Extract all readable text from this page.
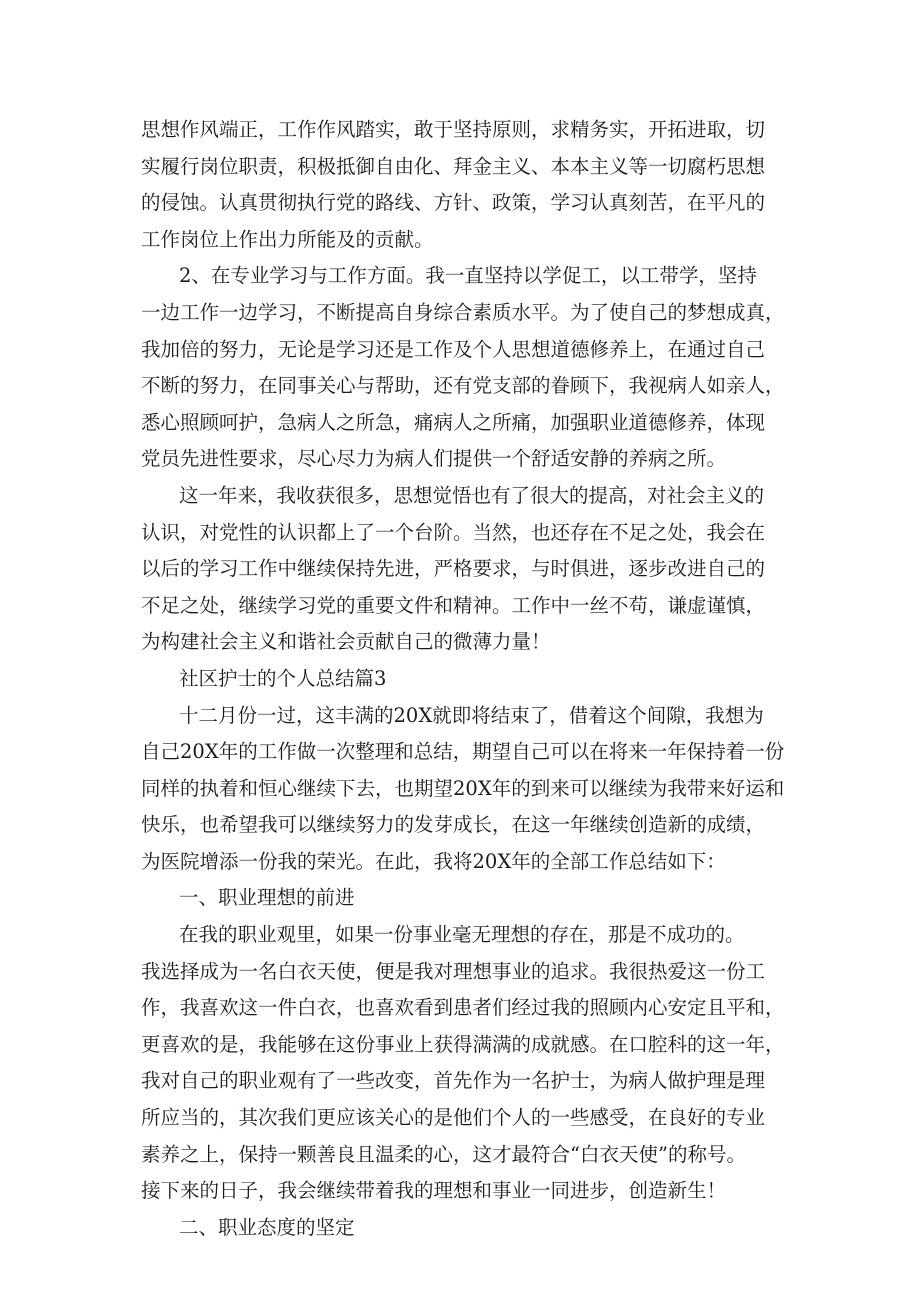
思想作风端正，工作作风踏实，敢于坚持原则，求精务实，开拓进取，切
实履行岗位职责，积极抵御自由化、拜金主义、本本主义等一切腐朽思想
的侵蚀。认真贯彻执行党的路线、方针、政策，学习认真刻苦，在平凡的
工作岗位上作出力所能及的贡献。
2、在专业学习与工作方面。我一直坚持以学促工，以工带学，坚持
一边工作一边学习，不断提高自身综合素质水平。为了使自己的梦想成真，
我加倍的努力，无论是学习还是工作及个人思想道德修养上，在通过自己
不断的努力，在同事关心与帮助，还有党支部的眷顾下，我视病人如亲人，
悉心照顾呵护，急病人之所急，痛病人之所痛，加强职业道德修养，体现
党员先进性要求，尽心尽力为病人们提供一个舒适安静的养病之所。
这一年来，我收获很多，思想觉悟也有了很大的提高，对社会主义的
认识，对党性的认识都上了一个台阶。当然，也还存在不足之处，我会在
以后的学习工作中继续保持先进，严格要求，与时俱进，逐步改进自己的
不足之处，继续学习党的重要文件和精神。工作中一丝不苟，谦虚谨慎，
为构建社会主义和谐社会贡献自己的微薄力量！
社区护士的个人总结篇3
十二月份一过，这丰满的20X就即将结束了，借着这个间隙，我想为
自己20X年的工作做一次整理和总结，期望自己可以在将来一年保持着一份
同样的执着和恒心继续下去，也期望20X年的到来可以继续为我带来好运和
快乐，也希望我可以继续努力的发芽成长，在这一年继续创造新的成绩，
为医院增添一份我的荣光。在此，我将20X年的全部工作总结如下：
一、职业理想的前进
在我的职业观里，如果一份事业毫无理想的存在，那是不成功的。
我选择成为一名白衣天使，便是我对理想事业的追求。我很热爱这一份工
作，我喜欢这一件白衣，也喜欢看到患者们经过我的照顾内心安定且平和，
更喜欢的是，我能够在这份事业上获得满满的成就感。在口腔科的这一年，
我对自己的职业观有了一些改变，首先作为一名护士，为病人做护理是理
所应当的，其次我们更应该关心的是他们个人的一些感受，在良好的专业
素养之上，保持一颗善良且温柔的心，这才最符合“白衣天使”的称号。
接下来的日子，我会继续带着我的理想和事业一同进步，创造新生！
二、职业态度的坚定
